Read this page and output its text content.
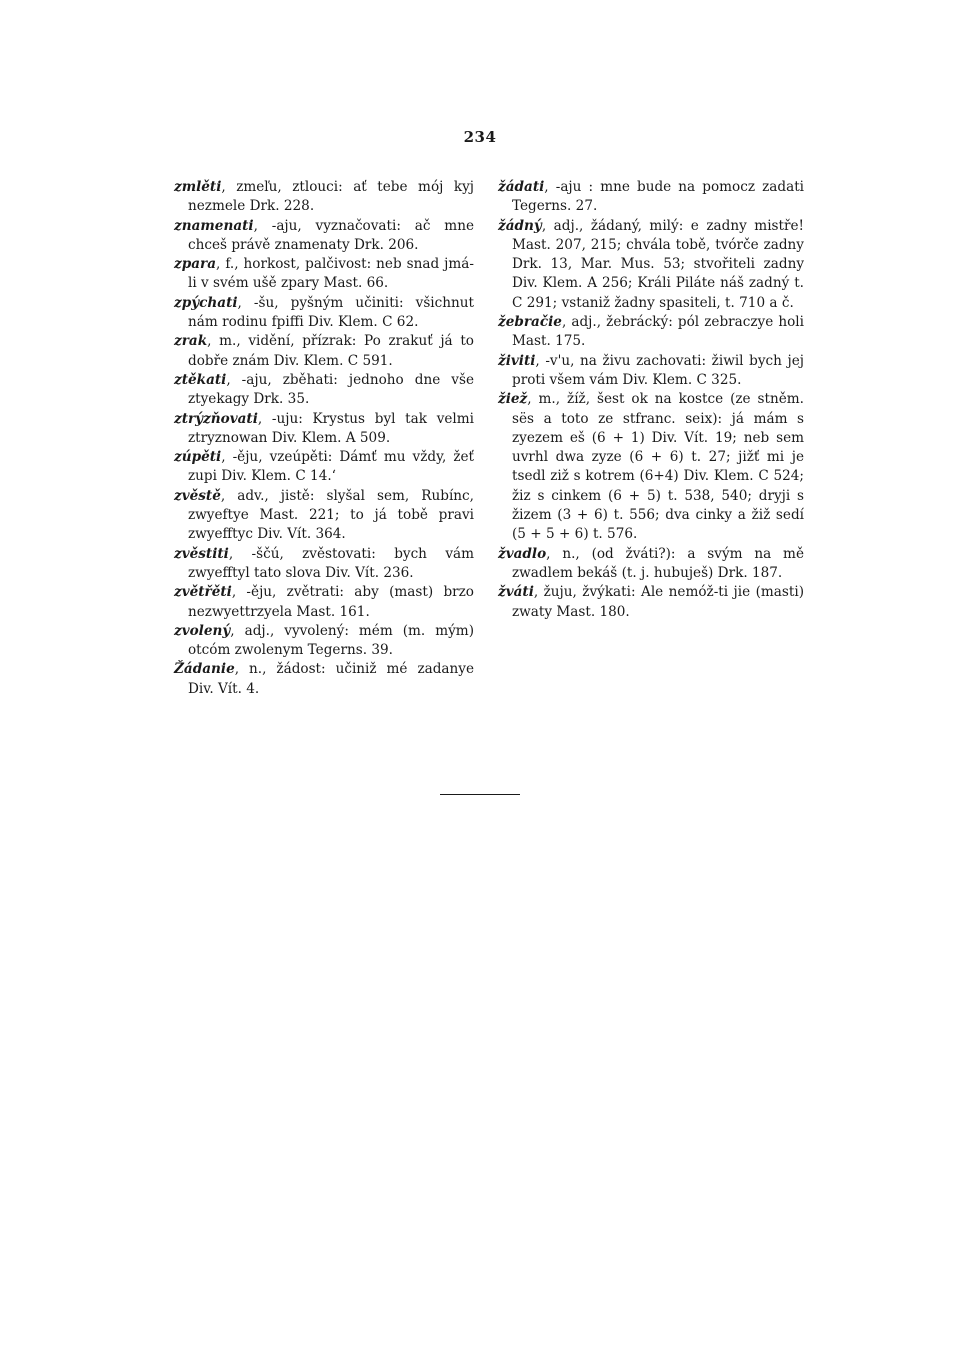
234

zmlěti, zmeľu, ztlouci: ať tebe mój kyj nezmele Drk. 228.

znamenati, -aju, vyznačovati: ač mne chceš právě znamenaty Drk. 206.

zpara, f., horkost, palčivost: neb snad jmá-li v svém ušě zpary Mast. 66.

zpýchati, -šu, pyšným učiniti: všichnut nám rodinu fpiffi Div. Klem. C 62.

zrak, m., vidění, přízrak: Po zrakuť já to dobře znám Div. Klem. C 591.

ztěkati, -aju, zběhati: jednoho dne vše ztyekagy Drk. 35.

ztrýzňovati, -uju: Krystus byl tak velmi ztryznowan Div. Klem. A 509.

zúpěti, -ěju, vzeúpěti: Dámť mu vždy, žeť zupi Div. Klem. C 14.‘

zvěstě, adv., jistě: slyšal sem, Rubínc, zwyeftye Mast. 221; to já tobě pravi zwyefftyc Div. Vít. 364.

zvěstiti, -ščú, zvěstovati: bych vám zwyefftyl tato slova Div. Vít. 236.

zvětřěti, -ěju, zvětrati: aby (mast) brzo nezwyettrzyela Mast. 161.

zvolený, adj., vyvolený: mém (m. mým) otcóm zwolenym Tegerns. 39.

Žádanie, n., žádost: učiniž mé zadanye Div. Vít. 4.

žádati, -aju : mne bude na pomocz zadati Tegerns. 27.

žádný, adj., žádaný, milý: e zadny mistře! Mast. 207, 215; chvála tobě, tvórče zadny Drk. 13, Mar. Mus. 53; stvořiteli zadny Div. Klem. A 256; Králi Piláte náš zadný t. C 291; vstaniž žadny spasiteli, t. 710 a č.

žebračie, adj., žebrácký: pól zebraczye holi Mast. 175.

živiti, -v'u, na živu zachovati: žiwil bych jej proti všem vám Div. Klem. C 325.

žiež, m., žíž, šest ok na kostce (ze stněm. sës a toto ze stfranc. seix): já mám s zyezem eš (6 + 1) Div. Vít. 19; neb sem uvrhl dwa zyze (6 + 6) t. 27; jižť mi je tsedl ziž s kotrem (6+4) Div. Klem. C 524; žiz s cinkem (6 + 5) t. 538, 540; dryji s žizem (3 + 6) t. 556; dva cinky a žiž sedí (5 + 5 + 6) t. 576.

žvadlo, n., (od žváti?): a svým na mě zwadlem bekáš (t. j. hubuješ) Drk. 187.

žváti, žuju, žvýkati: Ale nemóž-ti jie (masti) zwaty Mast. 180.
